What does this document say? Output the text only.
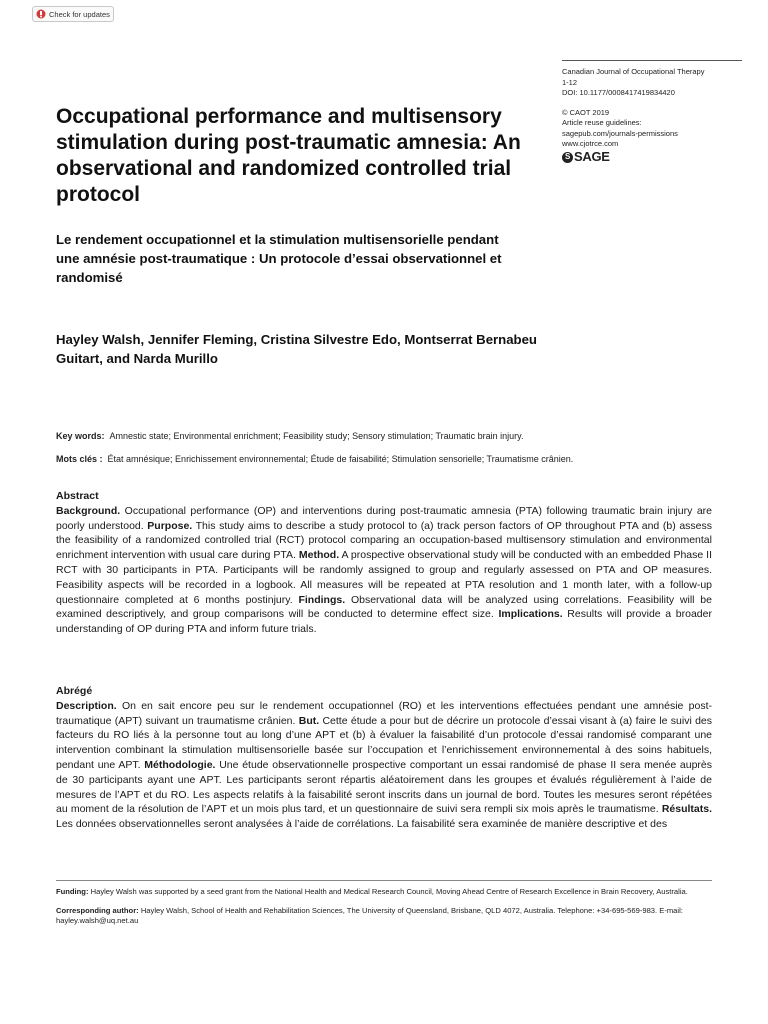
Check for updates
Canadian Journal of Occupational Therapy
1-12
DOI: 10.1177/0008417419834420
© CAOT 2019
Article reuse guidelines:
sagepub.com/journals-permissions
www.cjotrce.com
S SAGE
Occupational performance and multisensory stimulation during post-traumatic amnesia: An observational and randomized controlled trial protocol
Le rendement occupationnel et la stimulation multisensorielle pendant une amnésie post-traumatique : Un protocole d’essai observationnel et randomisé
Hayley Walsh, Jennifer Fleming, Cristina Silvestre Edo, Montserrat Bernabeu Guitart, and Narda Murillo
Key words: Amnestic state; Environmental enrichment; Feasibility study; Sensory stimulation; Traumatic brain injury.
Mots clés : État amnésique; Enrichissement environnemental; Étude de faisabilité; Stimulation sensorielle; Traumatisme crânien.
Abstract
Background. Occupational performance (OP) and interventions during post-traumatic amnesia (PTA) following traumatic brain injury are poorly understood. Purpose. This study aims to describe a study protocol to (a) track person factors of OP throughout PTA and (b) assess the feasibility of a randomized controlled trial (RCT) protocol comparing an occupation-based multisensory stimulation and environmental enrichment intervention with usual care during PTA. Method. A prospective observational study will be conducted with an embedded Phase II RCT with 30 participants in PTA. Participants will be randomly assigned to group and regularly assessed on PTA and OP measures. Feasibility aspects will be recorded in a logbook. All measures will be repeated at PTA resolution and 1 month later, with a follow-up questionnaire completed at 6 months postinjury. Findings. Observational data will be analyzed using correlations. Feasibility will be examined descriptively, and group comparisons will be conducted to determine effect size. Implications. Results will provide a broader understanding of OP during PTA and inform future trials.
Abrégé
Description. On en sait encore peu sur le rendement occupationnel (RO) et les interventions effectuées pendant une amnésie post-traumatique (APT) suivant un traumatisme crânien. But. Cette étude a pour but de décrire un protocole d’essai visant à (a) faire le suivi des facteurs du RO liés à la personne tout au long d’une APT et (b) à évaluer la faisabilité d’un protocole d’essai randomisé comparant une intervention combinant la stimulation multisensorielle basée sur l’occupation et l’enrichissement environnemental à des soins habituels, pendant une APT. Méthodologie. Une étude observationnelle prospective comportant un essai randomisé de phase II sera menée auprès de 30 participants ayant une APT. Les participants seront répartis aléatoirement dans les groupes et évalués régulièrement à l’aide de mesures de l’APT et du RO. Les aspects relatifs à la faisabilité seront inscrits dans un journal de bord. Toutes les mesures seront répétées au moment de la résolution de l’APT et un mois plus tard, et un questionnaire de suivi sera rempli six mois après le traumatisme. Résultats. Les données observationnelles seront analysées à l’aide de corrélations. La faisabilité sera examinée de manière descriptive et des

Funding: Hayley Walsh was supported by a seed grant from the National Health and Medical Research Council, Moving Ahead Centre of Research Excellence in Brain Recovery, Australia.

Corresponding author: Hayley Walsh, School of Health and Rehabilitation Sciences, The University of Queensland, Brisbane, QLD 4072, Australia. Telephone: +34-695-569-983. E-mail: hayley.walsh@uq.net.au
